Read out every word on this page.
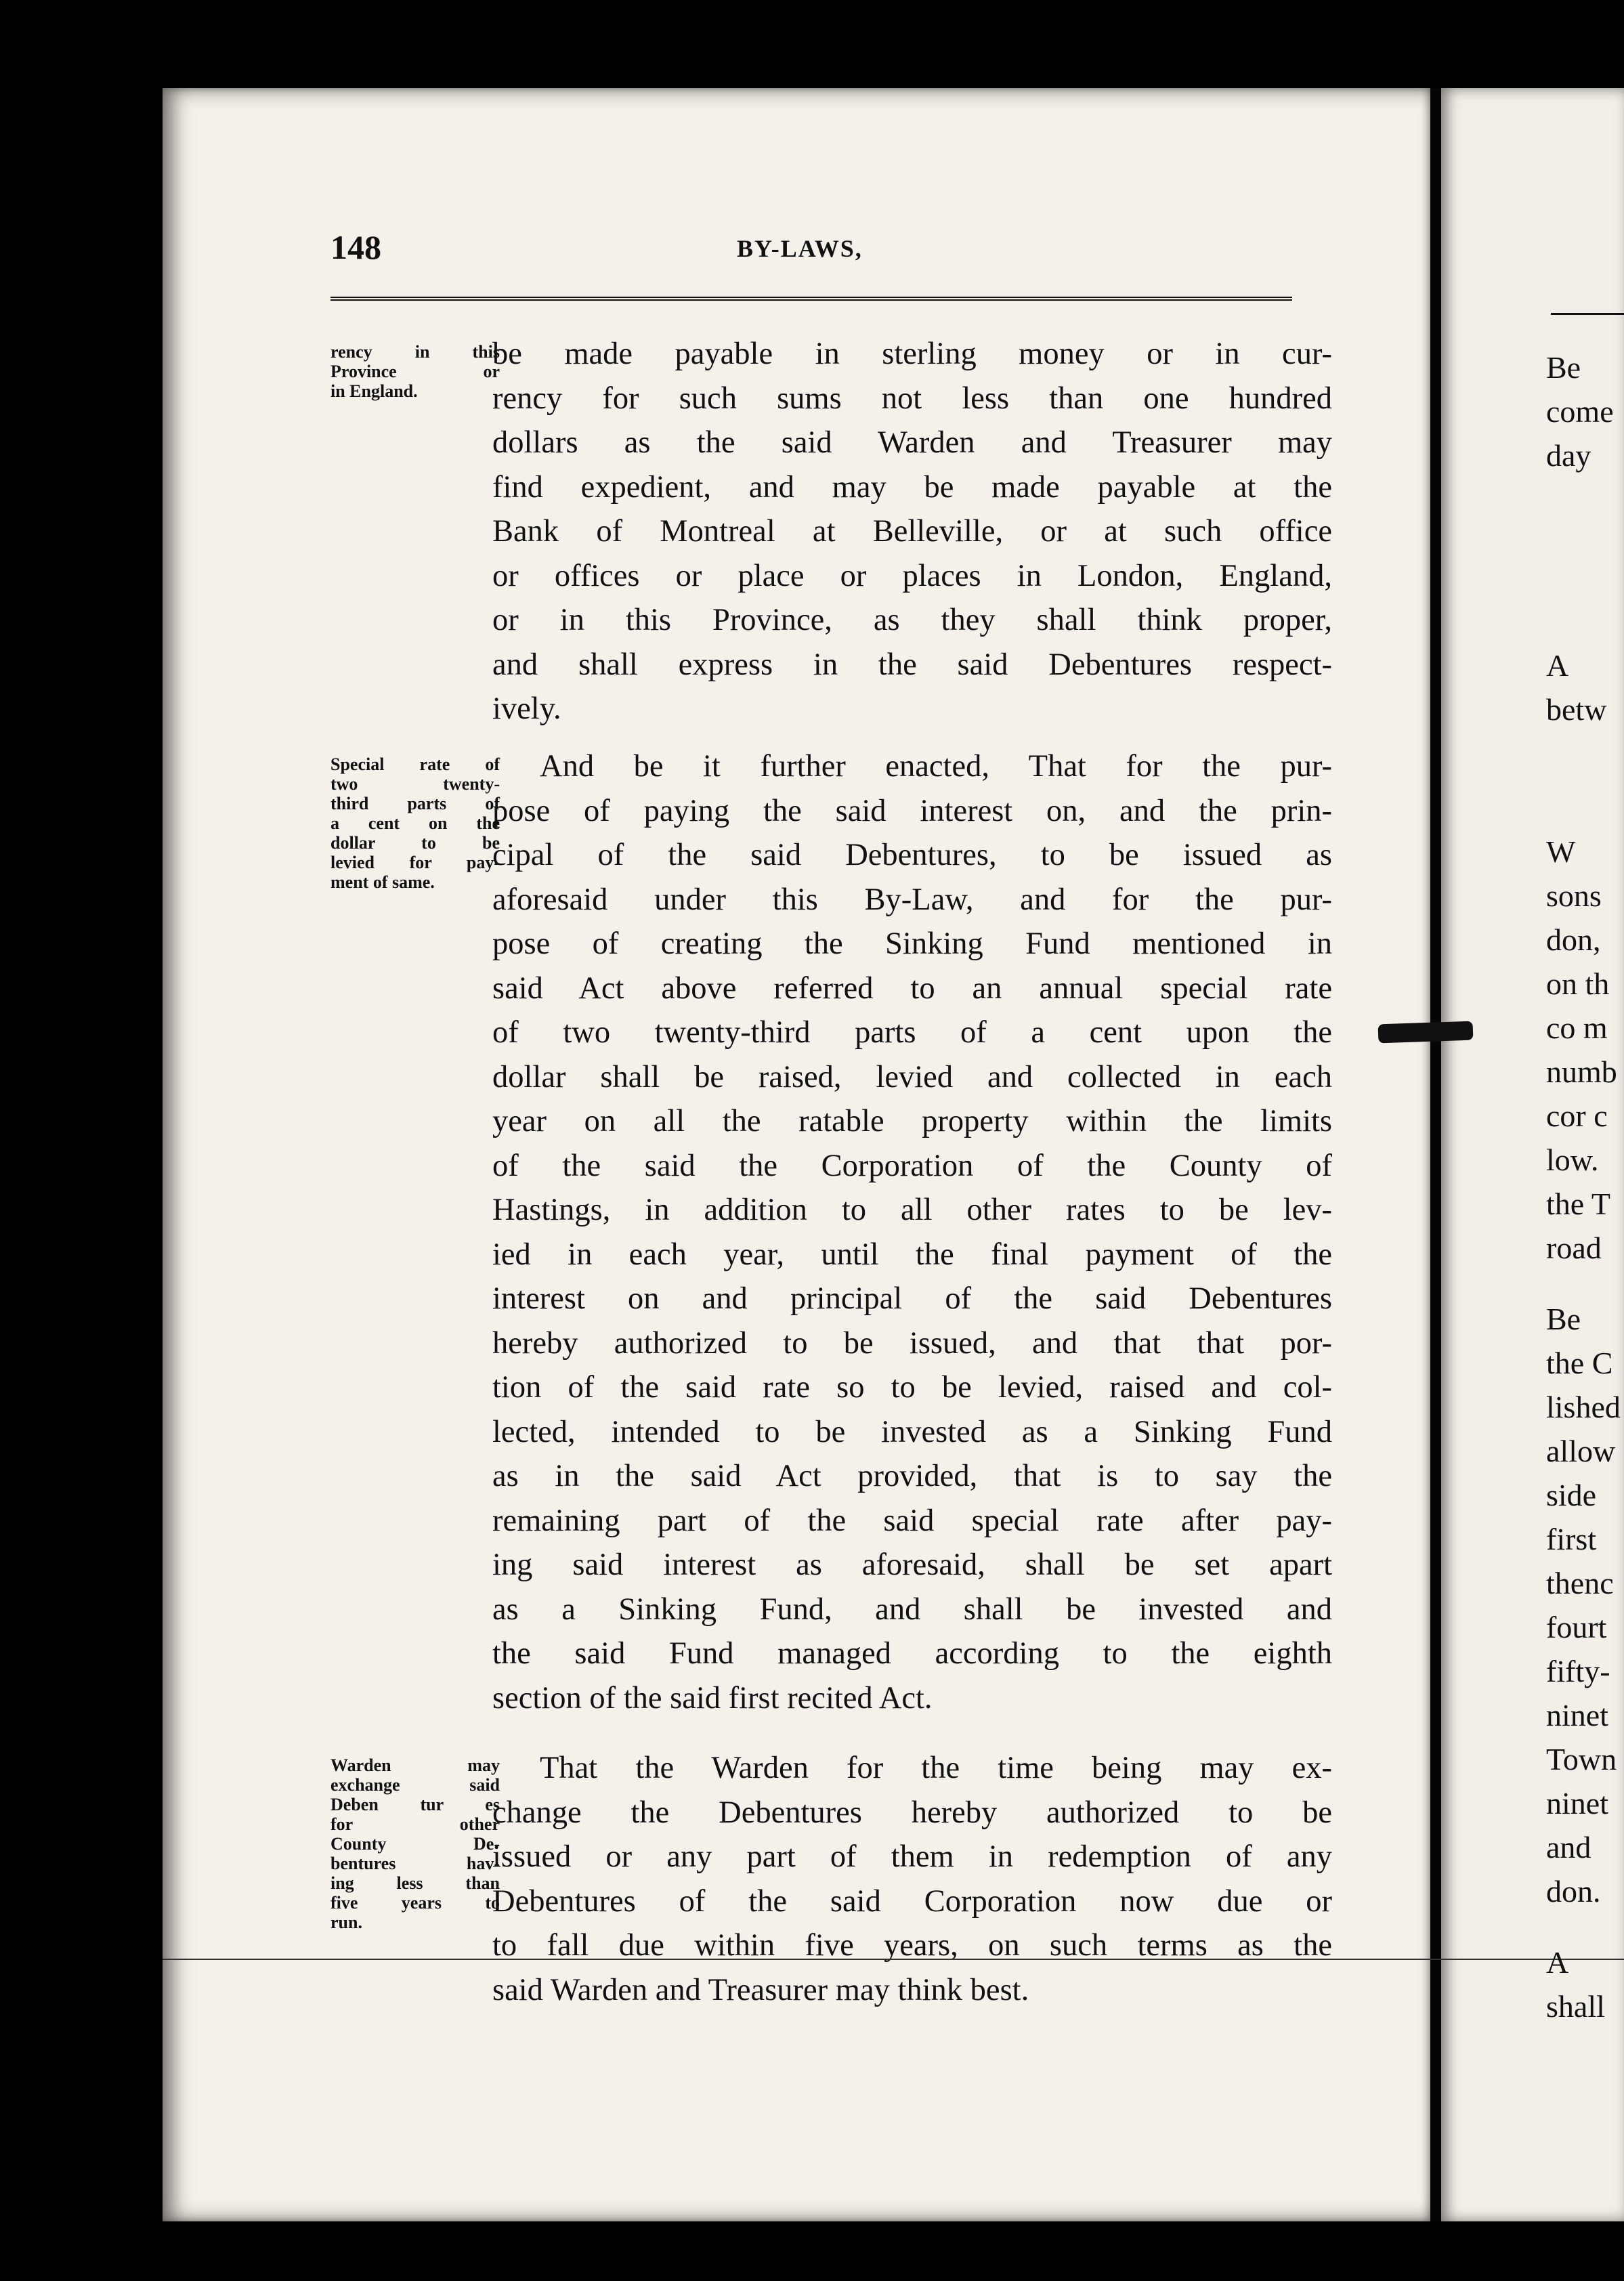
148	BY-LAWS,
rency in this
Province or
in England.
Special rate of
two twenty-
third parts of
a cent on the
dollar to be
levied for pay-
ment of same.
Warden may
exchange said
Deben tur es
for other
County De-
bentures hav-
ing less than
five years to
run.
be made payable in sterling money or in cur-
rency for such sums not less than one hundred
dollars as the said Warden and Treasurer may
find expedient, and may be made payable at the
Bank of Montreal at Belleville, or at such office
or offices or place or places in London, England,
or in this Province, as they shall think proper,
and shall express in the said Debentures respect-
ively.
And be it further enacted, That for the pur-
pose of paying the said interest on, and the prin-
cipal of the said Debentures, to be issued as
aforesaid under this By-Law, and for the pur-
pose of creating the Sinking Fund mentioned in
said Act above referred to an annual special rate
of two twenty-third parts of a cent upon the
dollar shall be raised, levied and collected in each
year on all the ratable property within the limits
of the said the Corporation of the County of
Hastings, in addition to all other rates to be lev-
ied in each year, until the final payment of the
interest on and principal of the said Debentures
hereby authorized to be issued, and that that por-
tion of the said rate so to be levied, raised and col-
lected, intended to be invested as a Sinking Fund
as in the said Act provided, that is to say the
remaining part of the said special rate after pay-
ing said interest as aforesaid, shall be set apart
as a Sinking Fund, and shall be invested and
the said Fund managed according to the eighth
section of the said first recited Act.
That the Warden for the time being may ex-
change the Debentures hereby authorized to be
issued or any part of them in redemption of any
Debentures of the said Corporation now due or
to fall due within five years, on such terms as the
said Warden and Treasurer may think best.
Be
come
day
A
betw
W
sons
don,
on th
co m
numb
cor c
low.
the T
road
Be
the C
lished
allow
side
first
thenc
fourt
fifty-
ninet
Town
ninet
and
don.
A
shall
